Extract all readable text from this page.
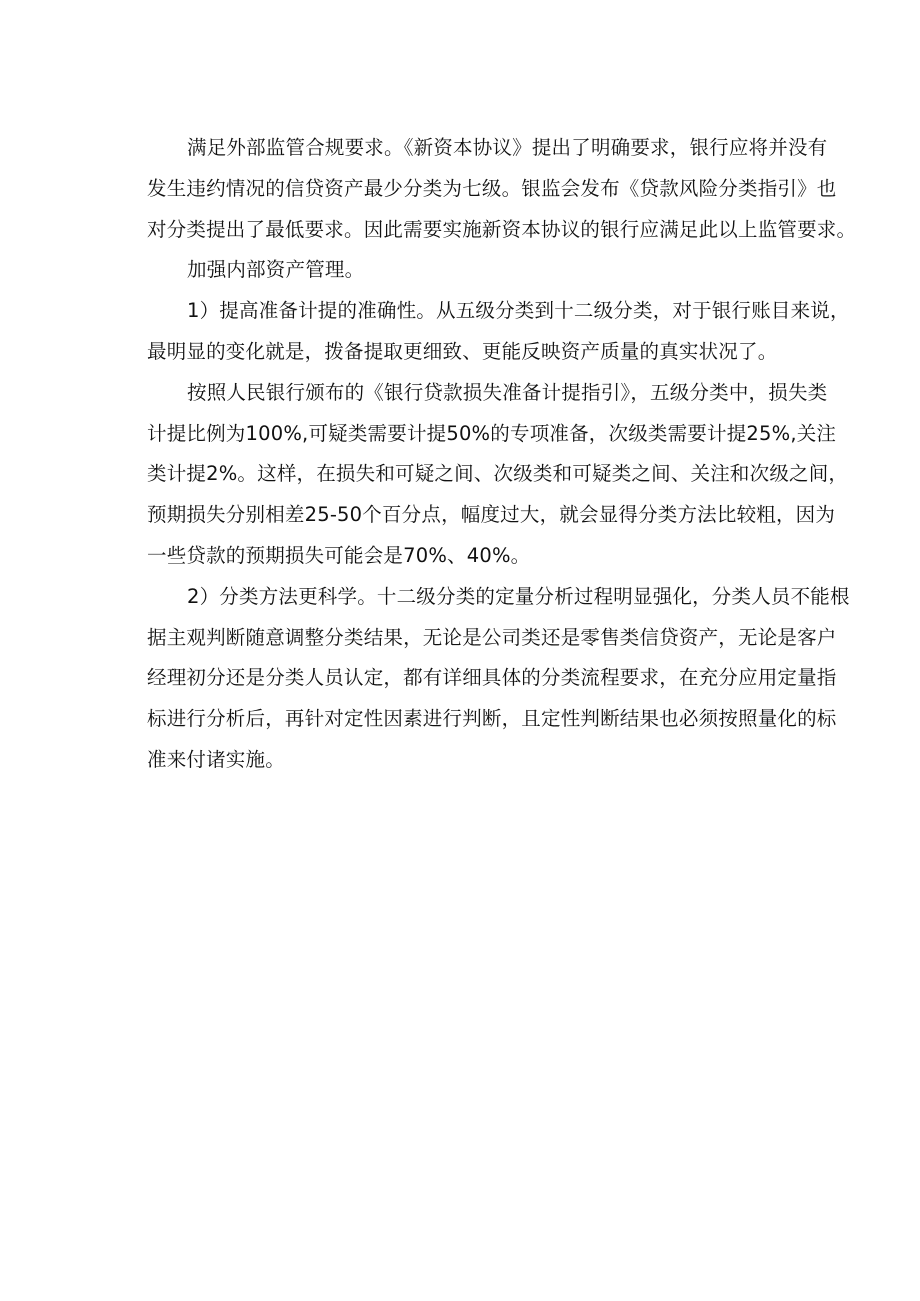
满足外部监管合规要求。《新资本协议》提出了明确要求，银行应将并没有
发生违约情况的信贷资产最少分类为七级。银监会发布《贷款风险分类指引》也
对分类提出了最低要求。因此需要实施新资本协议的银行应满足此以上监管要求。
加强内部资产管理。
1）提高准备计提的准确性。从五级分类到十二级分类，对于银行账目来说，
最明显的变化就是，拨备提取更细致、更能反映资产质量的真实状况了。
按照人民银行颁布的《银行贷款损失准备计提指引》，五级分类中，损失类
计提比例为100%,可疑类需要计提50%的专项准备，次级类需要计提25%,关注
类计提2%。这样，在损失和可疑之间、次级类和可疑类之间、关注和次级之间，
预期损失分别相差25-50个百分点，幅度过大，就会显得分类方法比较粗，因为
一些贷款的预期损失可能会是70%、40%。
2）分类方法更科学。十二级分类的定量分析过程明显强化，分类人员不能根
据主观判断随意调整分类结果，无论是公司类还是零售类信贷资产，无论是客户
经理初分还是分类人员认定，都有详细具体的分类流程要求，在充分应用定量指
标进行分析后，再针对定性因素进行判断，且定性判断结果也必须按照量化的标
准来付诸实施。
